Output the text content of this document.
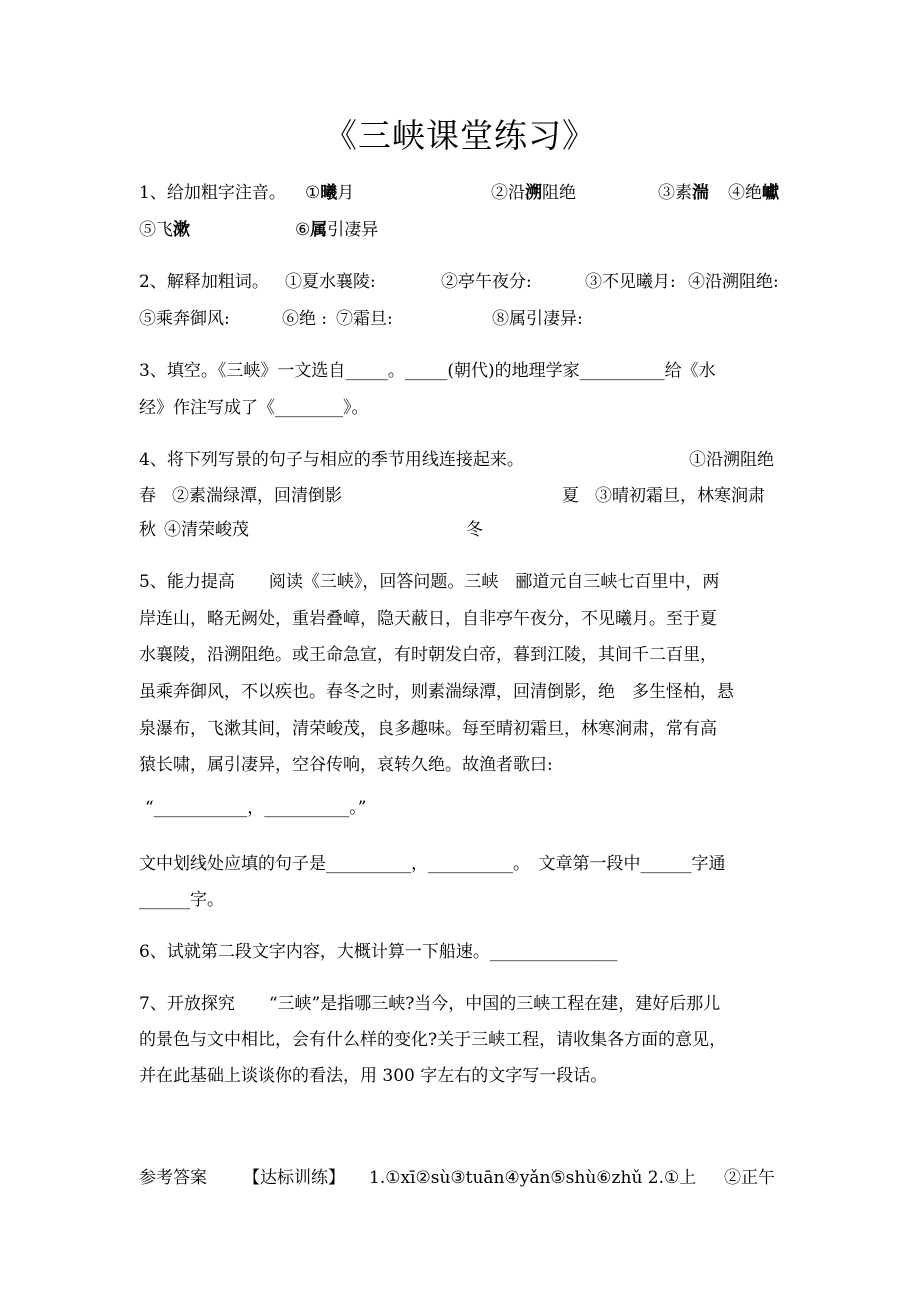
《三峡课堂练习》
1、给加粗字注音。 ①曦月	②沿溯阻绝	③素湍 ④绝巘
⑤飞漱	⑥属引凄异
2、解释加粗词。 ①夏水襄陵:	②亭午夜分:	③不见曦月: ④沿溯阻绝:
⑤乘奔御风:	⑥绝 : ⑦霜旦:	⑧属引凄异:
3、填空。《三峡》一文选自_____。_____(朝代)的地理学家__________给《水
经》作注写成了《________》。
4、将下列写景的句子与相应的季节用线连接起来。	①沿溯阻绝
春 ②素湍绿潭，回清倒影	夏 ③晴初霜旦，林寒涧肃
秋 ④清荣峻茂	冬
5、能力提高　　阅读《三峡》，回答问题。三峡　郦道元自三峡七百里中，两
岸连山，略无阙处，重岩叠嶂，隐天蔽日，自非亭午夜分，不见曦月。至于夏
水襄陵，沿溯阻绝。或王命急宣，有时朝发白帝，暮到江陵，其间千二百里，
虽乘奔御风，不以疾也。春冬之时，则素湍绿潭，回清倒影，绝　多生怪柏，悬
泉瀑布，飞漱其间，清荣峻茂，良多趣味。每至晴初霜旦，林寒涧肃，常有高
猿长啸，属引凄异，空谷传响，哀转久绝。故渔者歌曰:
“___________，__________。”
文中划线处应填的句子是__________，__________。　文章第一段中______字通
______字。
6、试就第二段文字内容，大概计算一下船速。_______________
7、开放探究　　“三峡”是指哪三峡?当今，中国的三峡工程在建，建好后那儿
的景色与文中相比，会有什么样的变化?关于三峡工程，请收集各方面的意见，
并在此基础上谈谈你的看法，用 300 字左右的文字写一段话。
参考答案 【达标训练】 1.①xī②sù③tuān④yǎn⑤shù⑥zhǔ 2.①上 ②正午
